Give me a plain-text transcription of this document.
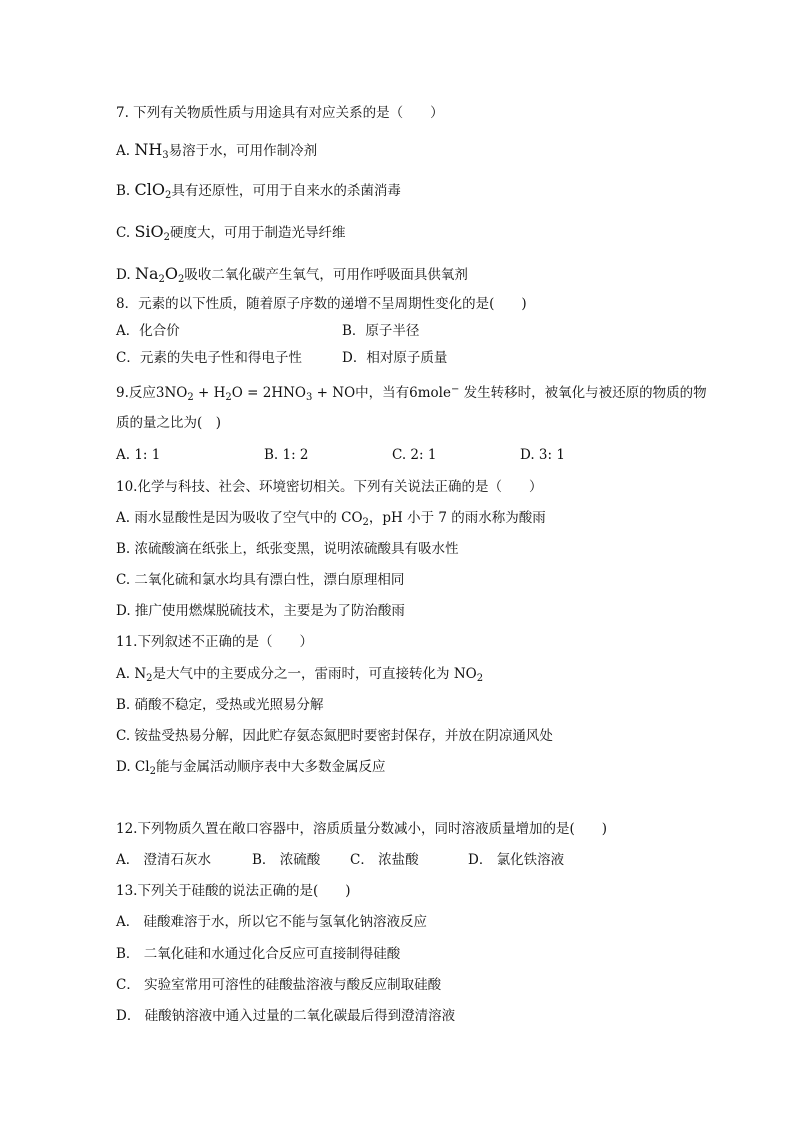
7. 下列有关物质性质与用途具有对应关系的是（　　）
A. $NH_3$易溶于水，可用作制冷剂
B. ClO$_2$具有还原性，可用于自来水的杀菌消毒
C. SiO$_2$硬度大，可用于制造光导纤维
D. $Na_2O_2$吸收二氧化碳产生氧气，可用作呼吸面具供氧剂
8．元素的以下性质，随着原子序数的递增不呈周期性变化的是(　　)
A．化合价	B．原子半径
C．元素的失电子性和得电子性	D．相对原子质量
9.反应$3NO_2 + H_2O = 2HNO_3$ + NO中，当有6mole− 发生转移时，被氧化与被还原的物质的物
质的量之比为(　)
A. 1: 1	B. 1: 2	C. 2: 1	D. 3: 1
10.化学与科技、社会、环境密切相关。下列有关说法正确的是（　　）
A. 雨水显酸性是因为吸收了空气中的 $CO_2$，pH 小于 7 的雨水称为酸雨
B. 浓硫酸滴在纸张上，纸张变黑，说明浓硫酸具有吸水性
C. 二氧化硫和氯水均具有漂白性，漂白原理相同
D. 推广使用燃煤脱硫技术，主要是为了防治酸雨
11.下列叙述不正确的是（　　）
A. $N_2$是大气中的主要成分之一，雷雨时，可直接转化为 $NO_2$
B. 硝酸不稳定，受热或光照易分解
C. 铵盐受热易分解，因此贮存氨态氮肥时要密封保存，并放在阴凉通风处
D. $Cl_2$能与金属活动顺序表中大多数金属反应
12.下列物质久置在敞口容器中，溶质质量分数减小，同时溶液质量增加的是(　　)
A． 澄清石灰水	B． 浓硫酸 C． 浓盐酸	D． 氯化铁溶液
13.下列关于硅酸的说法正确的是(　　)
A． 硅酸难溶于水，所以它不能与氢氧化钠溶液反应
B． 二氧化硅和水通过化合反应可直接制得硅酸
C． 实验室常用可溶性的硅酸盐溶液与酸反应制取硅酸
D． 硅酸钠溶液中通入过量的二氧化碳最后得到澄清溶液
